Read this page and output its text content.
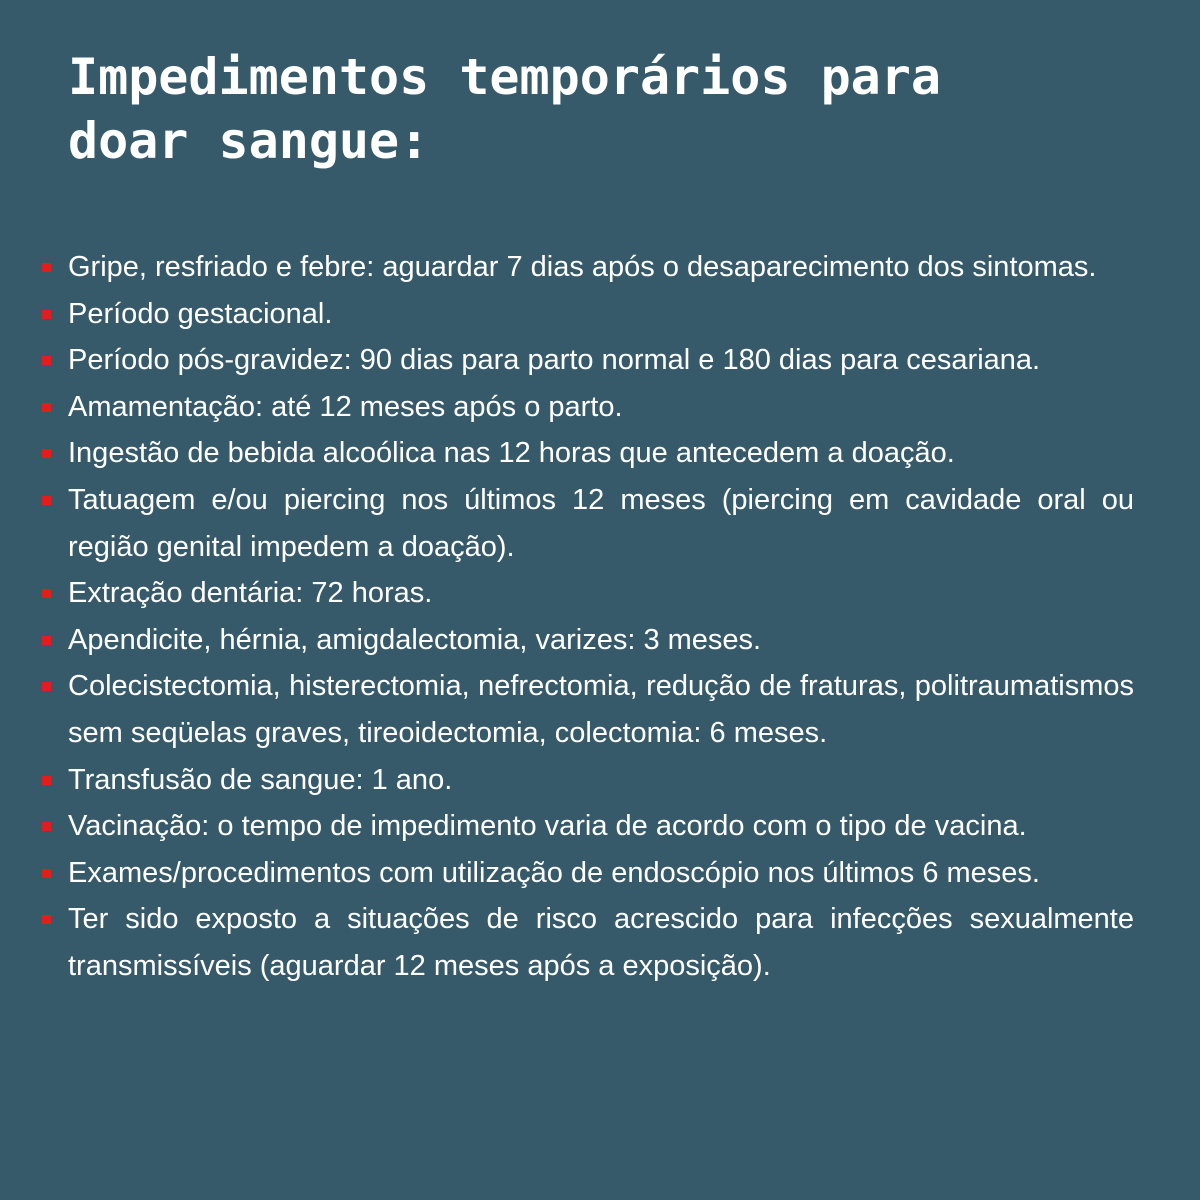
Impedimentos temporários para
doar sangue:
Gripe, resfriado e febre: aguardar 7 dias após o desaparecimento dos sintomas.
Período gestacional.
Período pós-gravidez: 90 dias para parto normal e 180 dias para cesariana.
Amamentação: até 12 meses após o parto.
Ingestão de bebida alcoólica nas 12 horas que antecedem a doação.
Tatuagem e/ou piercing nos últimos 12 meses (piercing em cavidade oral ou região genital impedem a doação).
Extração dentária: 72 horas.
Apendicite, hérnia, amigdalectomia, varizes: 3 meses.
Colecistectomia, histerectomia, nefrectomia, redução de fraturas, politraumatismos sem seqüelas graves, tireoidectomia, colectomia: 6 meses.
Transfusão de sangue: 1 ano.
Vacinação: o tempo de impedimento varia de acordo com o tipo de vacina.
Exames/procedimentos com utilização de endoscópio nos últimos 6 meses.
Ter sido exposto a situações de risco acrescido para infecções sexualmente transmissíveis (aguardar 12 meses após a exposição).
